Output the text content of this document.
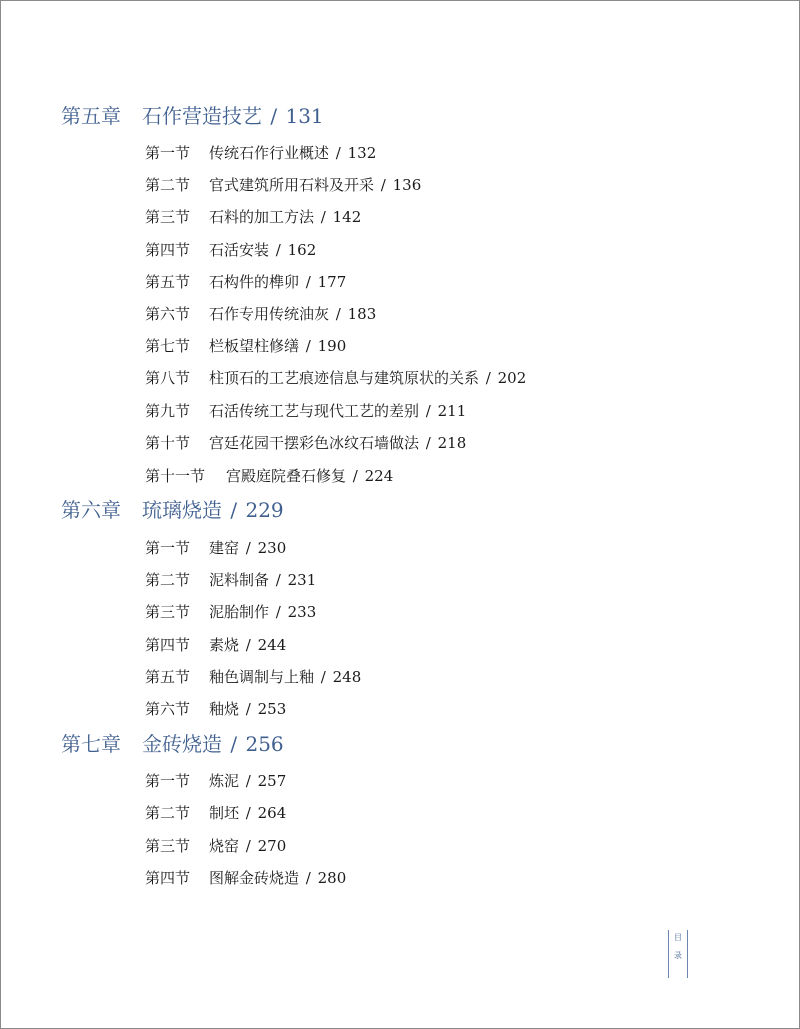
第五章 石作营造技艺 / 131
第一节 传统石作行业概述 / 132
第二节 官式建筑所用石料及开采 / 136
第三节 石料的加工方法 / 142
第四节 石活安装 / 162
第五节 石构件的榫卯 / 177
第六节 石作专用传统油灰 / 183
第七节 栏板望柱修缮 / 190
第八节 柱顶石的工艺痕迹信息与建筑原状的关系 / 202
第九节 石活传统工艺与现代工艺的差别 / 211
第十节 宫廷花园干摆彩色冰纹石墙做法 / 218
第十一节 宫殿庭院叠石修复 / 224
第六章 琉璃烧造 / 229
第一节 建窑 / 230
第二节 泥料制备 / 231
第三节 泥胎制作 / 233
第四节 素烧 / 244
第五节 釉色调制与上釉 / 248
第六节 釉烧 / 253
第七章 金砖烧造 / 256
第一节 炼泥 / 257
第二节 制坯 / 264
第三节 烧窑 / 270
第四节 图解金砖烧造 / 280
目
录
